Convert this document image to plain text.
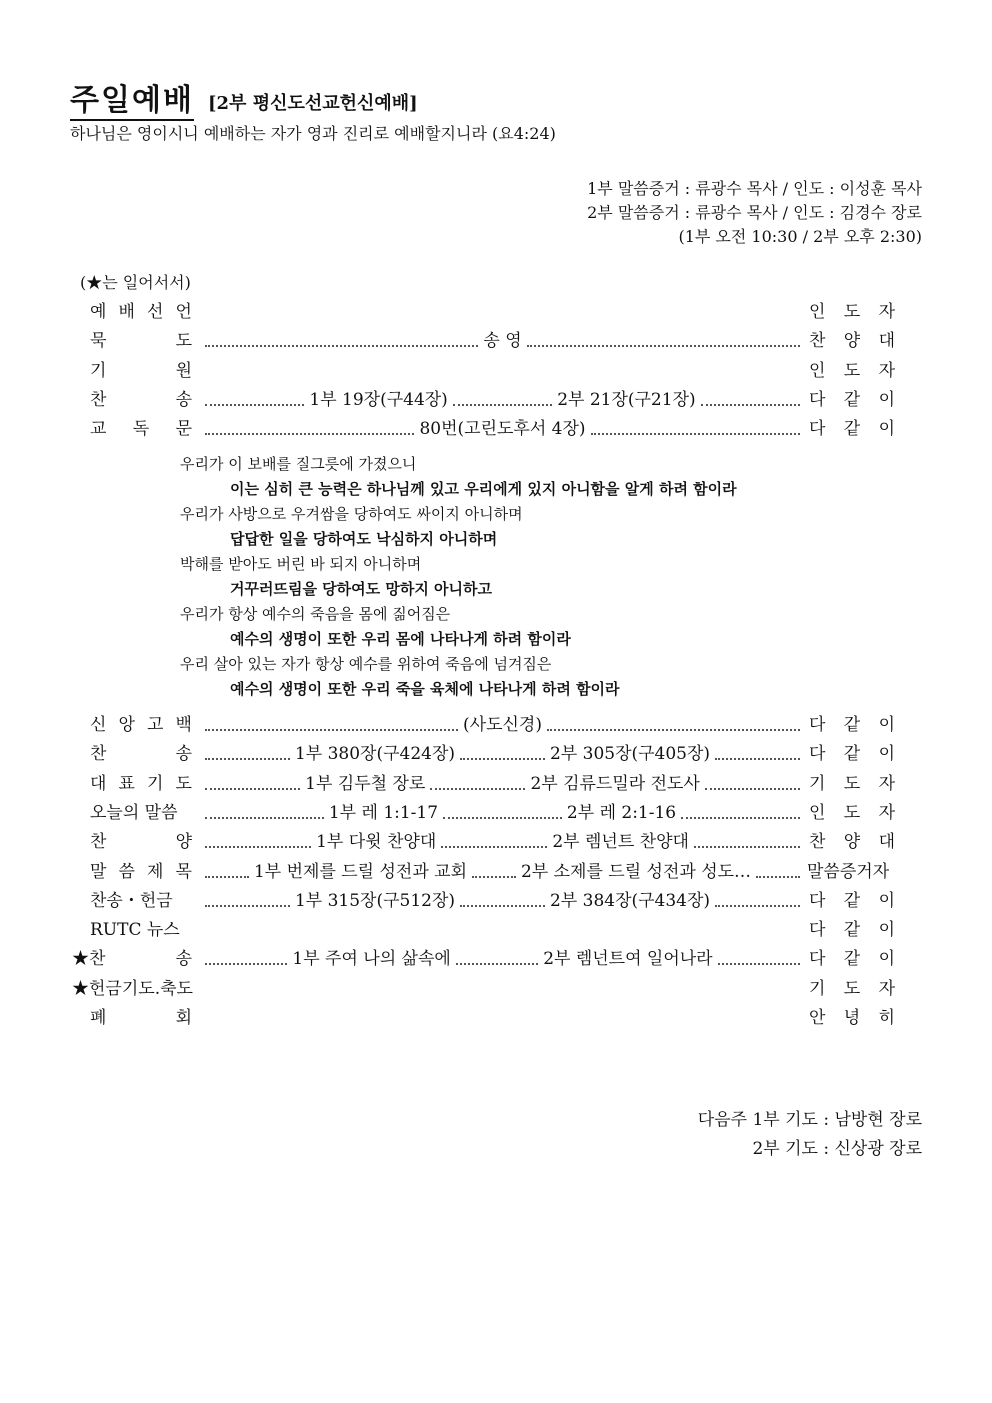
주일예배 [2부 평신도선교헌신예배]
하나님은 영이시니 예배하는 자가 영과 진리로 예배할지니라 (요4:24)
1부 말씀증거 : 류광수 목사 / 인도 : 이성훈 목사
2부 말씀증거 : 류광수 목사 / 인도 : 김경수 장로
(1부 오전 10:30 / 2부 오후 2:30)
(★는 일어서서)
예 배 선 언	인 도 자
묵	도	송 영	찬 양 대
기	원	인 도 자
찬	송	1부 19장(구44장)	2부 21장(구21장)	다 같 이
교 독 문	80번(고린도후서 4장)	다 같 이
우리가 이 보배를 질그릇에 가졌으니
이는 심히 큰 능력은 하나님께 있고 우리에게 있지 아니함을 알게 하려 함이라
우리가 사방으로 우겨쌈을 당하여도 싸이지 아니하며
답답한 일을 당하여도 낙심하지 아니하며
박해를 받아도 버린 바 되지 아니하며
거꾸러뜨림을 당하여도 망하지 아니하고
우리가 항상 예수의 죽음을 몸에 짊어짐은
예수의 생명이 또한 우리 몸에 나타나게 하려 함이라
우리 살아 있는 자가 항상 예수를 위하여 죽음에 넘겨짐은
예수의 생명이 또한 우리 죽을 육체에 나타나게 하려 함이라
신 앙 고 백	(사도신경)	다 같 이
찬	송	1부 380장(구424장)	2부 305장(구405장)	다 같 이
대 표 기 도	1부 김두철 장로	2부 김류드밀라 전도사	기 도 자
오늘의 말씀	1부 레 1:1-17	2부 레 2:1-16	인 도 자
찬	양	1부 다윗 찬양대	2부 렘넌트 찬양대	찬 양 대
말 씀 제 목	1부 번제를 드릴 성전과 교회	2부 소제를 드릴 성전과 성도…	말씀증거자
찬송・헌금	1부 315장(구512장)	2부 384장(구434장)	다 같 이
RUTC 뉴스	다 같 이
★찬	송	1부 주여 나의 삶속에	2부 렘넌트여 일어나라	다 같 이
★헌금기도.축도	기 도 자
폐	회	안 녕 히
다음주 1부 기도 : 남방현 장로
2부 기도 : 신상광 장로
